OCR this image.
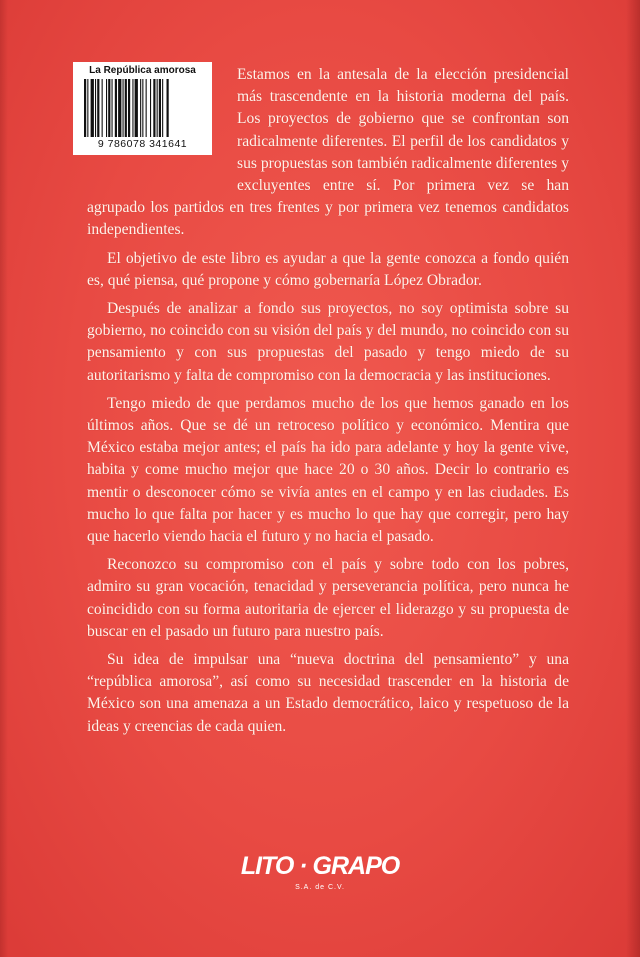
La República amorosa
9 786078 341641

Estamos en la antesala de la elección presidencial más trascendente en la historia moderna del país. Los proyectos de gobierno que se confrontan son radicalmente diferentes. El perfil de los candidatos y sus propuestas son también radicalmente diferentes y excluyentes entre sí. Por primera vez se han agrupado los partidos en tres frentes y por primera vez tenemos candidatos independientes.

El objetivo de este libro es ayudar a que la gente conozca a fondo quién es, qué piensa, qué propone y cómo gobernaría López Obrador.

Después de analizar a fondo sus proyectos, no soy optimista sobre su gobierno, no coincido con su visión del país y del mundo, no coincido con su pensamiento y con sus propuestas del pasado y tengo miedo de su autoritarismo y falta de compromiso con la democracia y las instituciones.

Tengo miedo de que perdamos mucho de los que hemos ganado en los últimos años. Que se dé un retroceso político y económico. Mentira que México estaba mejor antes; el país ha ido para adelante y hoy la gente vive, habita y come mucho mejor que hace 20 o 30 años. Decir lo contrario es mentir o desconocer cómo se vivía antes en el campo y en las ciudades. Es mucho lo que falta por hacer y es mucho lo que hay que corregir, pero hay que hacerlo viendo hacia el futuro y no hacia el pasado.

Reconozco su compromiso con el país y sobre todo con los pobres, admiro su gran vocación, tenacidad y perseverancia política, pero nunca he coincidido con su forma autoritaria de ejercer el liderazgo y su propuesta de buscar en el pasado un futuro para nuestro país.

Su idea de impulsar una “nueva doctrina del pensamiento” y una “república amorosa”, así como su necesidad trascender en la historia de México son una amenaza a un Estado democrático, laico y respetuoso de la ideas y creencias de cada quien.

LITO · GRAPO
S.A. de C.V.
